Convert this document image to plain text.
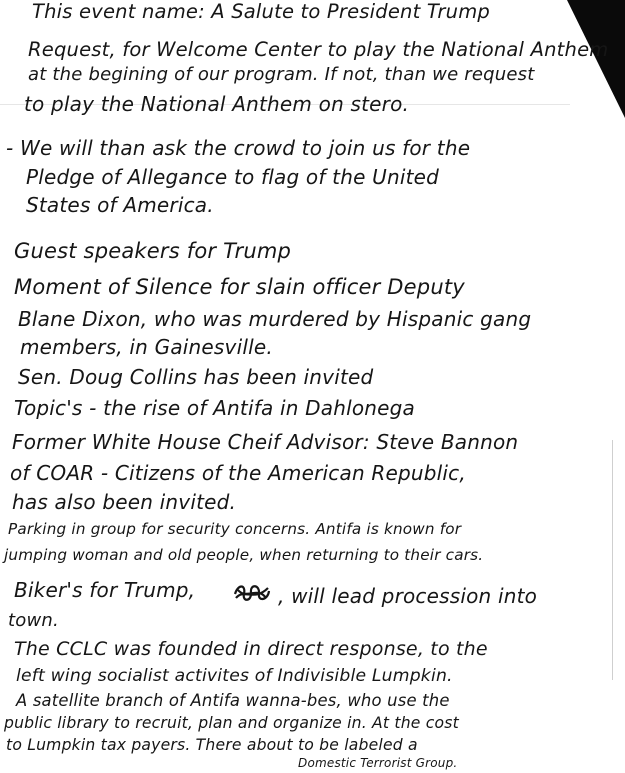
This event name: A Salute to President Trump

Request, for Welcome Center to play the National Anthem

at the begining of our program. If not, than we request

to play the National Anthem on stero.

- We will than ask the crowd to join us for the

Pledge of Allegance to flag of the United

States of America.

Guest speakers for Trump

Moment of Silence for slain officer Deputy

Blane Dixon, who was murdered by Hispanic gang

members, in Gainesville.

Sen. Doug Collins has been invited

Topic's - the rise of Antifa in Dahlonega

Former White House Cheif Advisor: Steve Bannon

of COAR - Citizens of the American Republic,

has also been invited.

Parking in group for security concerns. Antifa is known for

jumping woman and old people, when returning to their cars.

Biker's for Trump,	, will lead procession into

town.

The CCLC was founded in direct response, to the

left wing socialist activites of Indivisible Lumpkin.

A satellite branch of Antifa wanna-bes, who use the

public library to recruit, plan and organize in. At the cost

to Lumpkin tax payers. There about to be labeled a

Domestic Terrorist Group.
